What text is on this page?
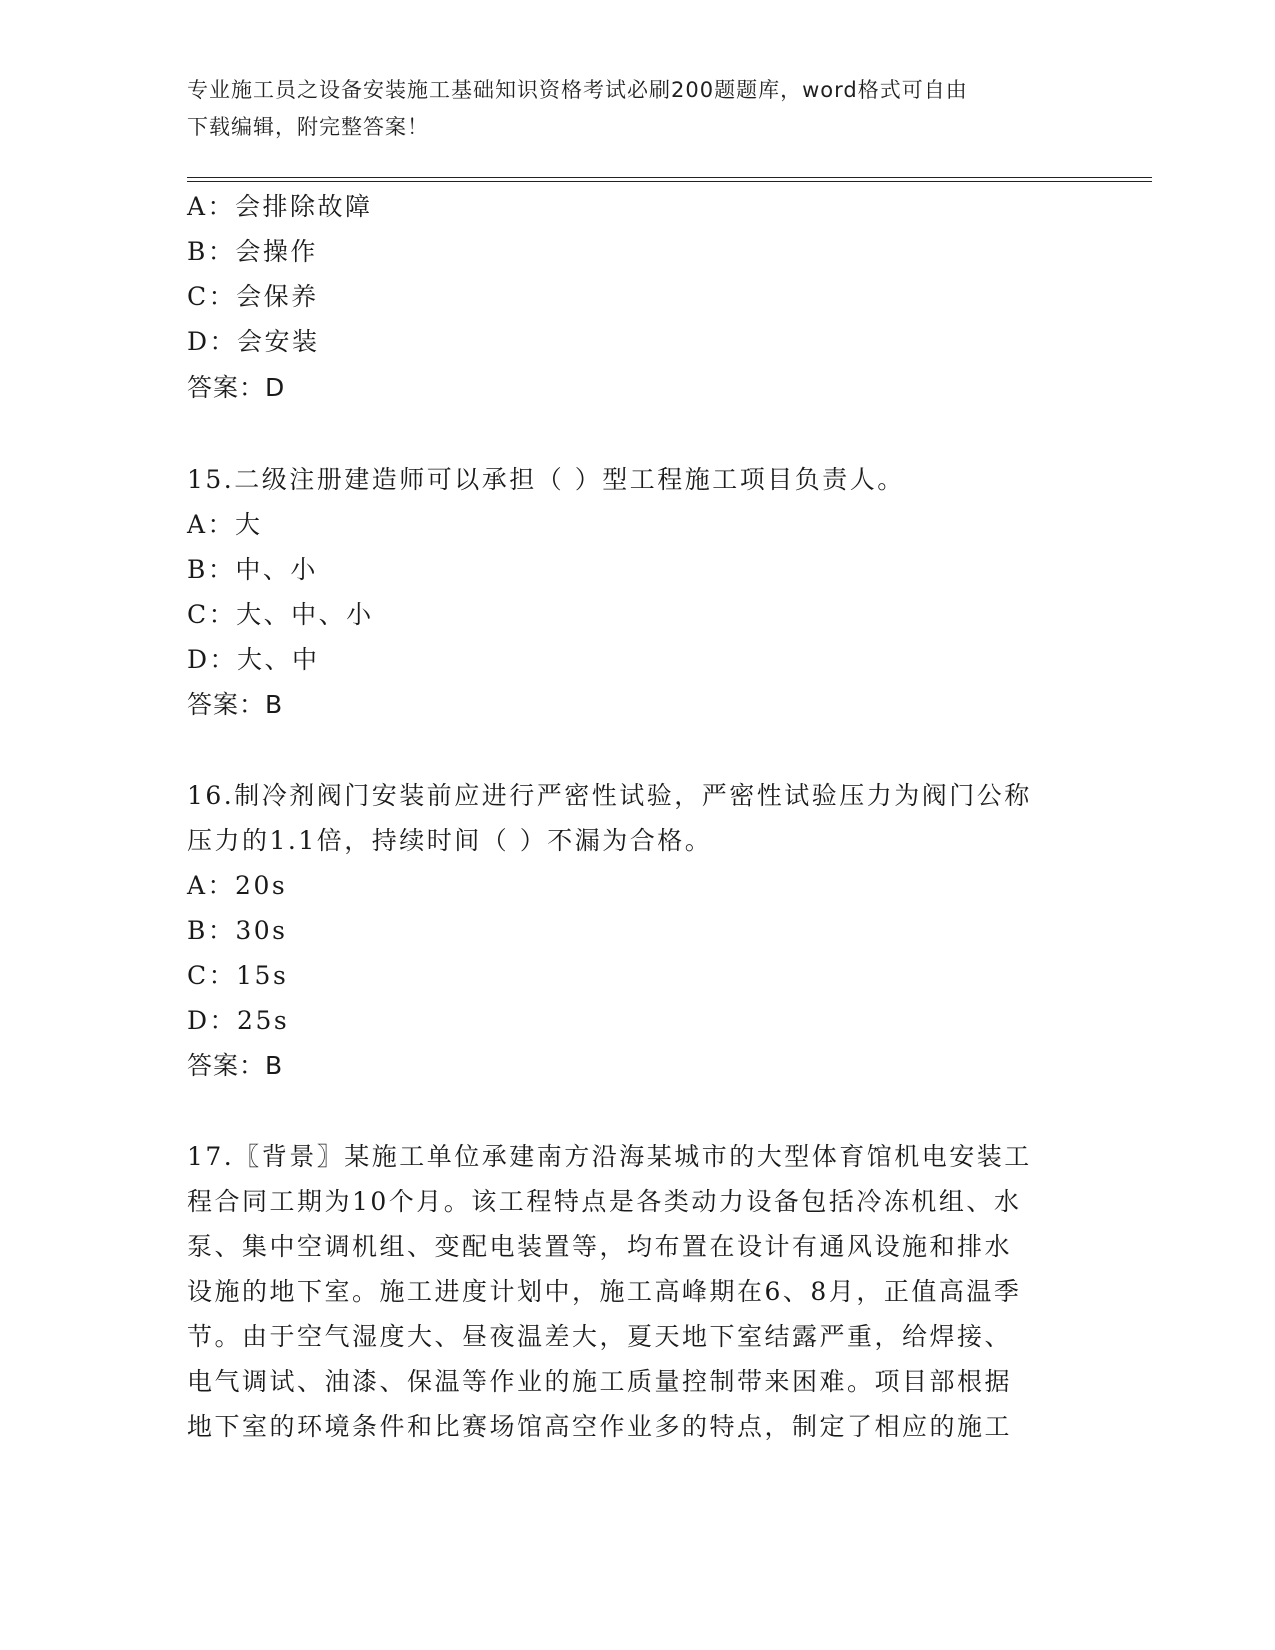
专业施工员之设备安装施工基础知识资格考试必刷200题题库，word格式可自由
下载编辑，附完整答案！
A：会排除故障
B：会操作
C：会保养
D：会安装
答案：D
15.二级注册建造师可以承担（ ）型工程施工项目负责人。
A：大
B：中、小
C：大、中、小
D：大、中
答案：B
16.制冷剂阀门安装前应进行严密性试验，严密性试验压力为阀门公称
压力的1.1倍，持续时间（ ）不漏为合格。
A：20s
B：30s
C：15s
D：25s
答案：B
17.〖背景〗某施工单位承建南方沿海某城市的大型体育馆机电安装工
程合同工期为10个月。该工程特点是各类动力设备包括冷冻机组、水
泵、集中空调机组、变配电装置等，均布置在设计有通风设施和排水
设施的地下室。施工进度计划中，施工高峰期在6、8月，正值高温季
节。由于空气湿度大、昼夜温差大，夏天地下室结露严重，给焊接、
电气调试、油漆、保温等作业的施工质量控制带来困难。项目部根据
地下室的环境条件和比赛场馆高空作业多的特点，制定了相应的施工
